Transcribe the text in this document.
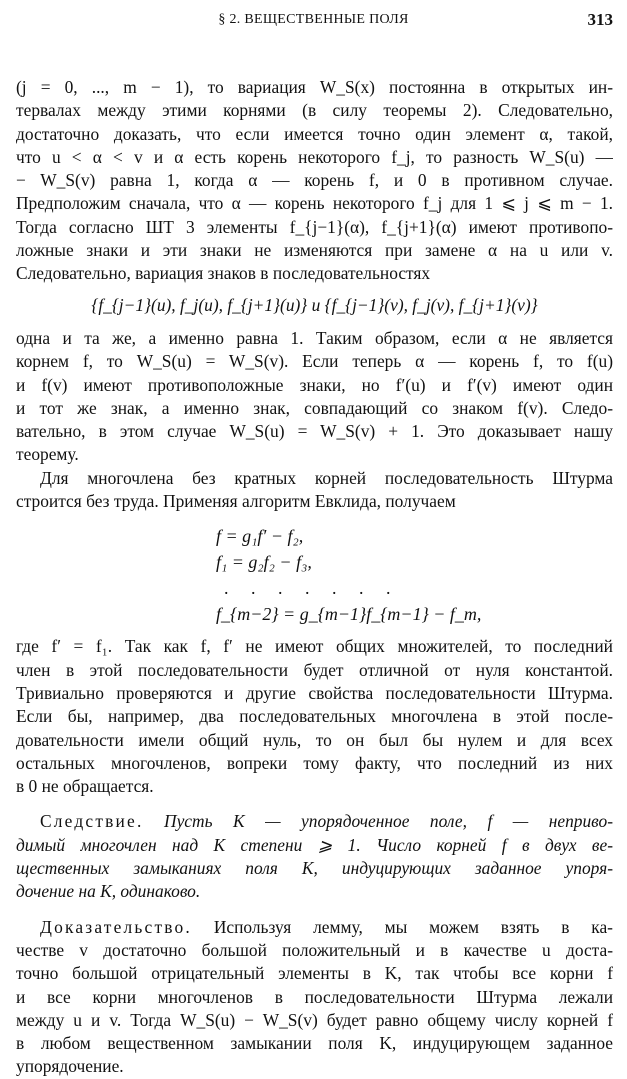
§ 2. ВЕЩЕСТВЕННЫЕ ПОЛЯ	313
(j = 0, ..., m − 1), то вариация W_S(x) постоянна в открытых ин-
тервалах между этими корнями (в силу теоремы 2). Следовательно,
достаточно доказать, что если имеется точно один элемент α, такой,
что u < α < v и α есть корень некоторого f_j, то разность W_S(u) —
− W_S(v) равна 1, когда α — корень f, и 0 в противном случае.
Предположим сначала, что α — корень некоторого f_j для 1 ⩽ j ⩽ m − 1.
Тогда согласно ШТ 3 элементы f_{j−1}(α), f_{j+1}(α) имеют противопо-
ложные знаки и эти знаки не изменяются при замене α на u или v.
Следовательно, вариация знаков в последовательностях
{f_{j−1}(u), f_j(u), f_{j+1}(u)} и {f_{j−1}(v), f_j(v), f_{j+1}(v)}
одна и та же, а именно равна 1. Таким образом, если α не является
корнем f, то W_S(u) = W_S(v). Если теперь α — корень f, то f(u)
и f(v) имеют противоположные знаки, но f′(u) и f′(v) имеют один
и тот же знак, а именно знак, совпадающий со знаком f(v). Следо-
вательно, в этом случае W_S(u) = W_S(v) + 1. Это доказывает нашу
теорему.
Для многочлена без кратных корней последовательность Штурма
строится без труда. Применяя алгоритм Евклида, получаем
f = g₁f′ − f₂,
f₁ = g₂f₂ − f₃,
. . . . . . .
f_{m−2} = g_{m−1}f_{m−1} − f_m,
где f′ = f₁. Так как f, f′ не имеют общих множителей, то последний
член в этой последовательности будет отличной от нуля константой.
Тривиально проверяются и другие свойства последовательности Штурма.
Если бы, например, два последовательных многочлена в этой после-
довательности имели общий нуль, то он был бы нулем и для всех
остальных многочленов, вопреки тому факту, что последний из них
в 0 не обращается.
Следствие. Пусть K — упорядоченное поле, f — неприво-
димый многочлен над K степени ⩾ 1. Число корней f в двух ве-
щественных замыканиях поля K, индуцирующих заданное упоря-
дочение на K, одинаково.
Доказательство. Используя лемму, мы можем взять в ка-
честве v достаточно большой положительный и в качестве u доста-
точно большой отрицательный элементы в K, так чтобы все корни f
и все корни многочленов в последовательности Штурма лежали
между u и v. Тогда W_S(u) − W_S(v) будет равно общему числу корней f
в любом вещественном замыкании поля K, индуцирующем заданное
упорядочение.
